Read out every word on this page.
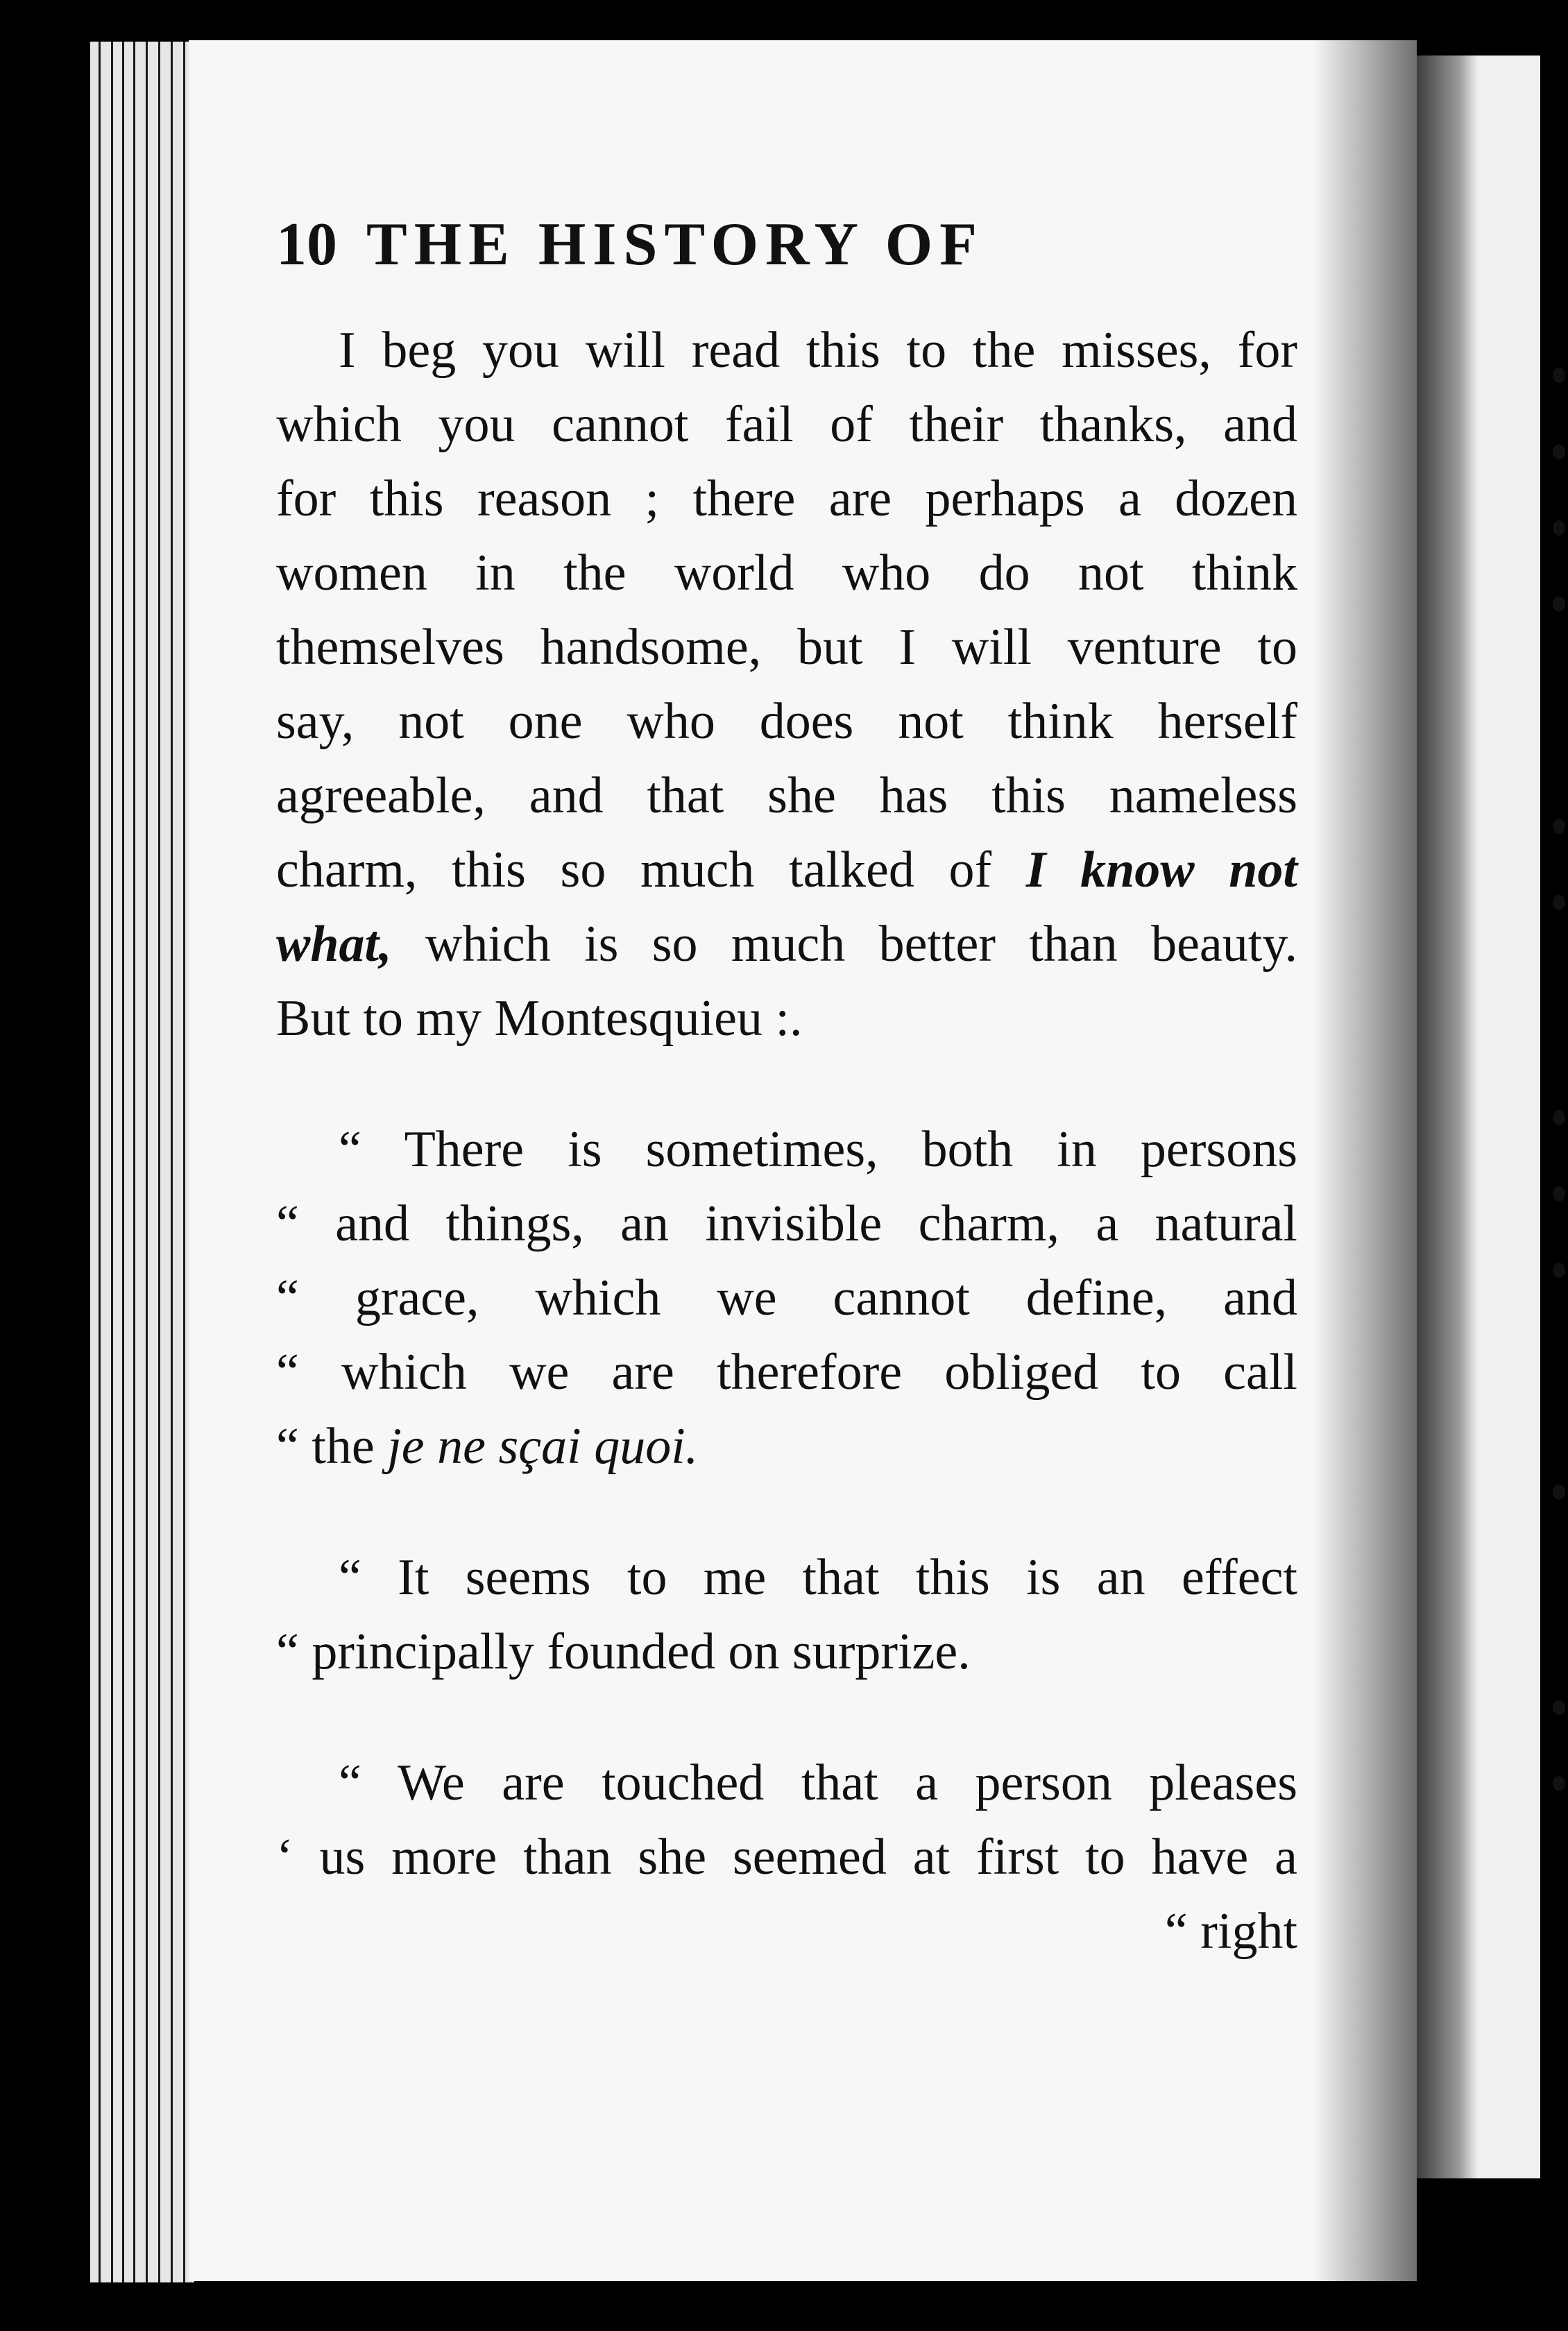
10 THE HISTORY OF
I beg you will read this to the misses, for
which you cannot fail of their thanks, and
for this reason ; there are perhaps a dozen
women in the world who do not think
themselves handsome, but I will venture to
say, not one who does not think herself
agreeable, and that she has this nameless
charm, this so much talked of I know not
what, which is so much better than beauty.
But to my Montesquieu :.
“ There is sometimes, both in persons
“ and things, an invisible charm, a natural
“ grace, which we cannot define, and
“ which we are therefore obliged to call
“ the je ne sçai quoi.
“ It seems to me that this is an effect
“ principally founded on surprize.
“ We are touched that a person pleases
‘ us more than she seemed at first to have a
“ right
